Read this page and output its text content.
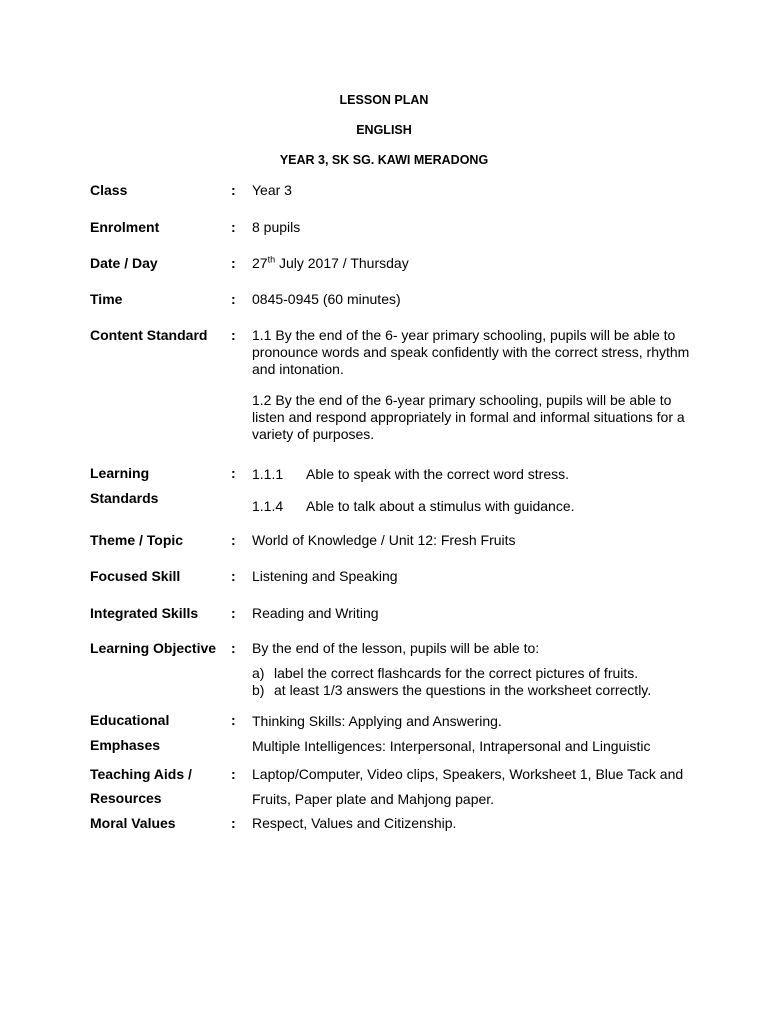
LESSON PLAN
ENGLISH
YEAR 3, SK SG. KAWI MERADONG
Class	: Year 3
Enrolment	: 8 pupils
Date / Day	: 27th July 2017 / Thursday
Time	: 0845-0945 (60 minutes)
Content Standard : 1.1 By the end of the 6- year primary schooling, pupils will be able to pronounce words and speak confidently with the correct stress, rhythm and intonation.

1.2 By the end of the 6-year primary schooling, pupils will be able to listen and respond appropriately in formal and informal situations for a variety of purposes.

Learning
Standards
: 1.1.1	Able to speak with the correct word stress.
1.1.4	Able to talk about a stimulus with guidance.
Theme / Topic	: World of Knowledge / Unit 12: Fresh Fruits
Focused Skill	: Listening and Speaking
Integrated Skills : Reading and Writing
Learning Objective : By the end of the lesson, pupils will be able to:

a) label the correct flashcards for the correct pictures of fruits.
b) at least 1/3 answers the questions in the worksheet correctly.
Educational
Emphases
: Thinking Skills: Applying and Answering.

Multiple Intelligences: Interpersonal, Intrapersonal and Linguistic

Teaching Aids /
Resources
: Laptop/Computer, Video clips, Speakers, Worksheet 1, Blue Tack and

Fruits, Paper plate and Mahjong paper.

Moral Values	: Respect, Values and Citizenship.
